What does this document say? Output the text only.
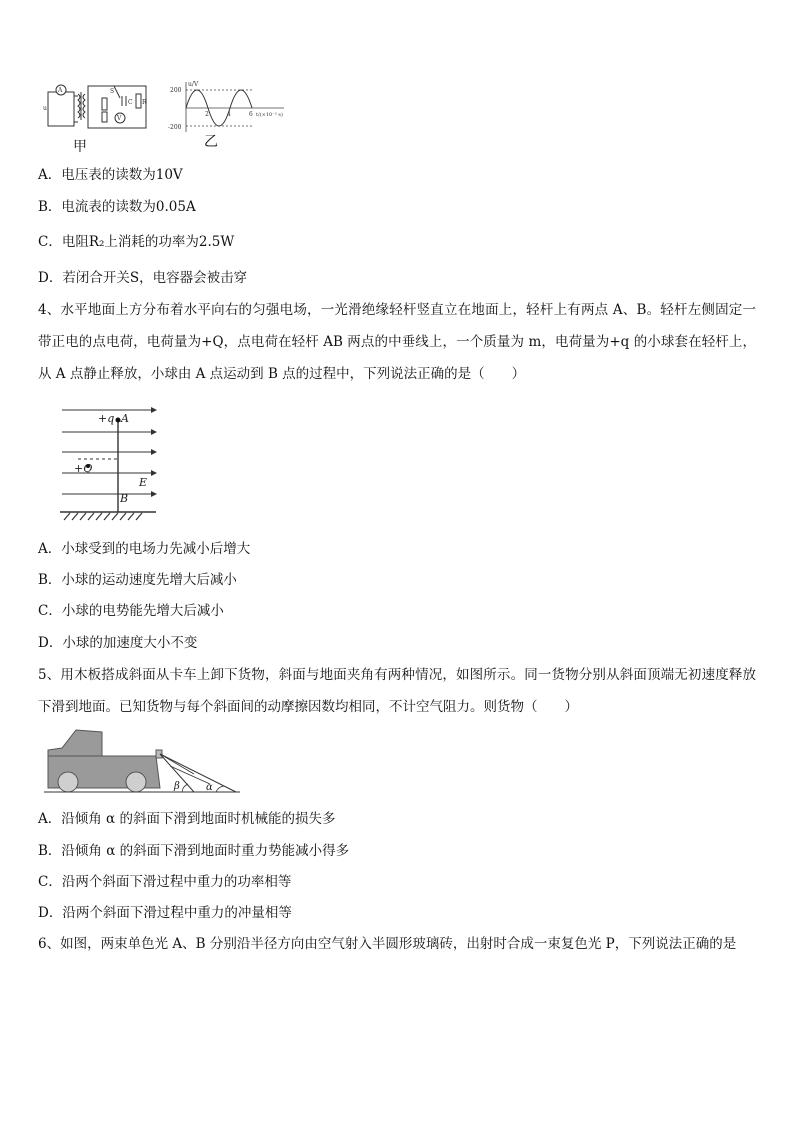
A
V
u
S
C R
甲
200
-200
u/V
2	4	6 t/(×10⁻² s)
乙
A．电压表的读数为10V
B．电流表的读数为0.05A
C．电阻R₂上消耗的功率为2.5W
D．若闭合开关S，电容器会被击穿
4、水平地面上方分布着水平向右的匀强电场，一光滑绝缘轻杆竖直立在地面上，轻杆上有两点 A、B。轻杆左侧固定一带正电的点电荷，电荷量为+Q，点电荷在轻杆 AB 两点的中垂线上，一个质量为 m，电荷量为+q 的小球套在轻杆上，从 A 点静止释放，小球由 A 点运动到 B 点的过程中，下列说法正确的是（　　）
+q A
+Q
E
B
A．小球受到的电场力先减小后增大
B．小球的运动速度先增大后减小
C．小球的电势能先增大后减小
D．小球的加速度大小不变
5、用木板搭成斜面从卡车上卸下货物，斜面与地面夹角有两种情况，如图所示。同一货物分别从斜面顶端无初速度释放下滑到地面。已知货物与每个斜面间的动摩擦因数均相同，不计空气阻力。则货物（　　）
β	α
A．沿倾角 α 的斜面下滑到地面时机械能的损失多
B．沿倾角 α 的斜面下滑到地面时重力势能减小得多
C．沿两个斜面下滑过程中重力的功率相等
D．沿两个斜面下滑过程中重力的冲量相等
6、如图，两束单色光 A、B 分别沿半径方向由空气射入半圆形玻璃砖，出射时合成一束复色光 P，下列说法正确的是
